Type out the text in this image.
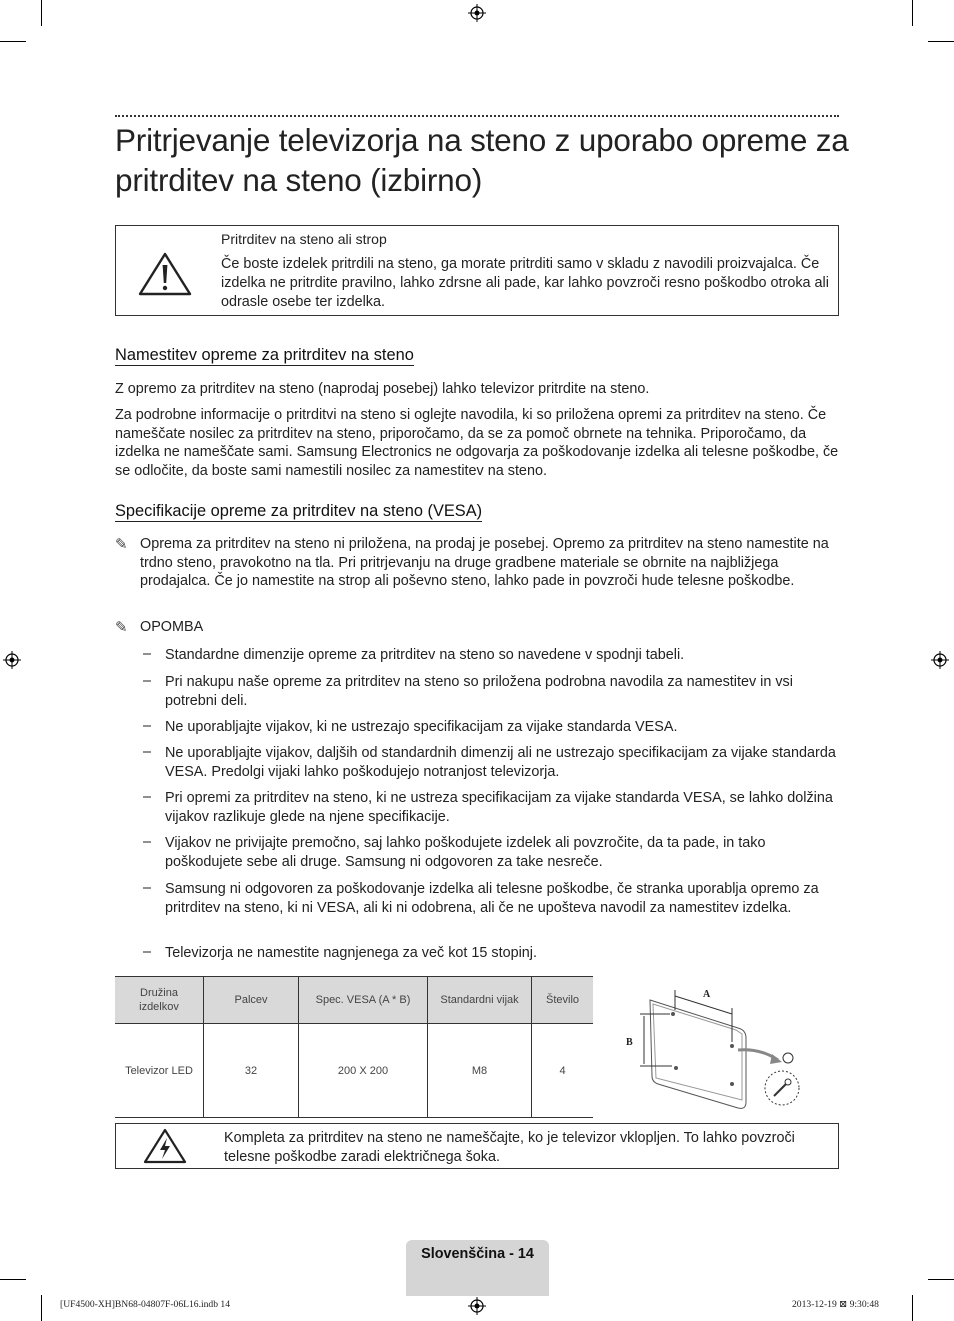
Pritrjevanje televizorja na steno z uporabo opreme za pritrditev na steno (izbirno)
Pritrditev na steno ali strop
Če boste izdelek pritrdili na steno, ga morate pritrditi samo v skladu z navodili proizvajalca. Če izdelka ne pritrdite pravilno, lahko zdrsne ali pade, kar lahko povzroči resno poškodbo otroka ali odrasle osebe ter izdelka.
Namestitev opreme za pritrditev na steno

Z opremo za pritrditev na steno (naprodaj posebej) lahko televizor pritrdite na steno.

Za podrobne informacije o pritrditvi na steno si oglejte navodila, ki so priložena opremi za pritrditev na steno. Če nameščate nosilec za pritrditev na steno, priporočamo, da se za pomoč obrnete na tehnika. Priporočamo, da izdelka ne nameščate sami. Samsung Electronics ne odgovarja za poškodovanje izdelka ali telesne poškodbe, če se odločite, da boste sami namestili nosilec za namestitev na steno.

Specifikacije opreme za pritrditev na steno (VESA)
✎ Oprema za pritrditev na steno ni priložena, na prodaj je posebej. Opremo za pritrditev na steno namestite na trdno steno, pravokotno na tla. Pri pritrjevanju na druge gradbene materiale se obrnite na najbližjega prodajalca. Če jo namestite na strop ali poševno steno, lahko pade in povzroči hude telesne poškodbe.
✎ OPOMBA
– Standardne dimenzije opreme za pritrditev na steno so navedene v spodnji tabeli.
– Pri nakupu naše opreme za pritrditev na steno so priložena podrobna navodila za namestitev in vsi potrebni deli.
– Ne uporabljajte vijakov, ki ne ustrezajo specifikacijam za vijake standarda VESA.
– Ne uporabljajte vijakov, daljših od standardnih dimenzij ali ne ustrezajo specifikacijam za vijake standarda VESA. Predolgi vijaki lahko poškodujejo notranjost televizorja.
– Pri opremi za pritrditev na steno, ki ne ustreza specifikacijam za vijake standarda VESA, se lahko dolžina vijakov razlikuje glede na njene specifikacije.
– Vijakov ne privijajte premočno, saj lahko poškodujete izdelek ali povzročite, da ta pade, in tako poškodujete sebe ali druge. Samsung ni odgovoren za take nesreče.
– Samsung ni odgovoren za poškodovanje izdelka ali telesne poškodbe, če stranka uporablja opremo za pritrditev na steno, ki ni VESA, ali ki ni odobrena, ali če ne upošteva navodil za namestitev izdelka.
– Televizorja ne namestite nagnjenega za več kot 15 stopinj.
Družina izdelkov	Palcev	Spec. VESA (A * B)	Standardni vijak	Število
Televizor LED	32	200 X 200	M8	4
A
B
Kompleta za pritrditev na steno ne nameščajte, ko je televizor vklopljen. To lahko povzroči telesne poškodbe zaradi električnega šoka.
Slovenščina - 14
[UF4500-XH]BN68-04807F-06L16.indb 14	2013-12-19 ⊠ 9:30:48
